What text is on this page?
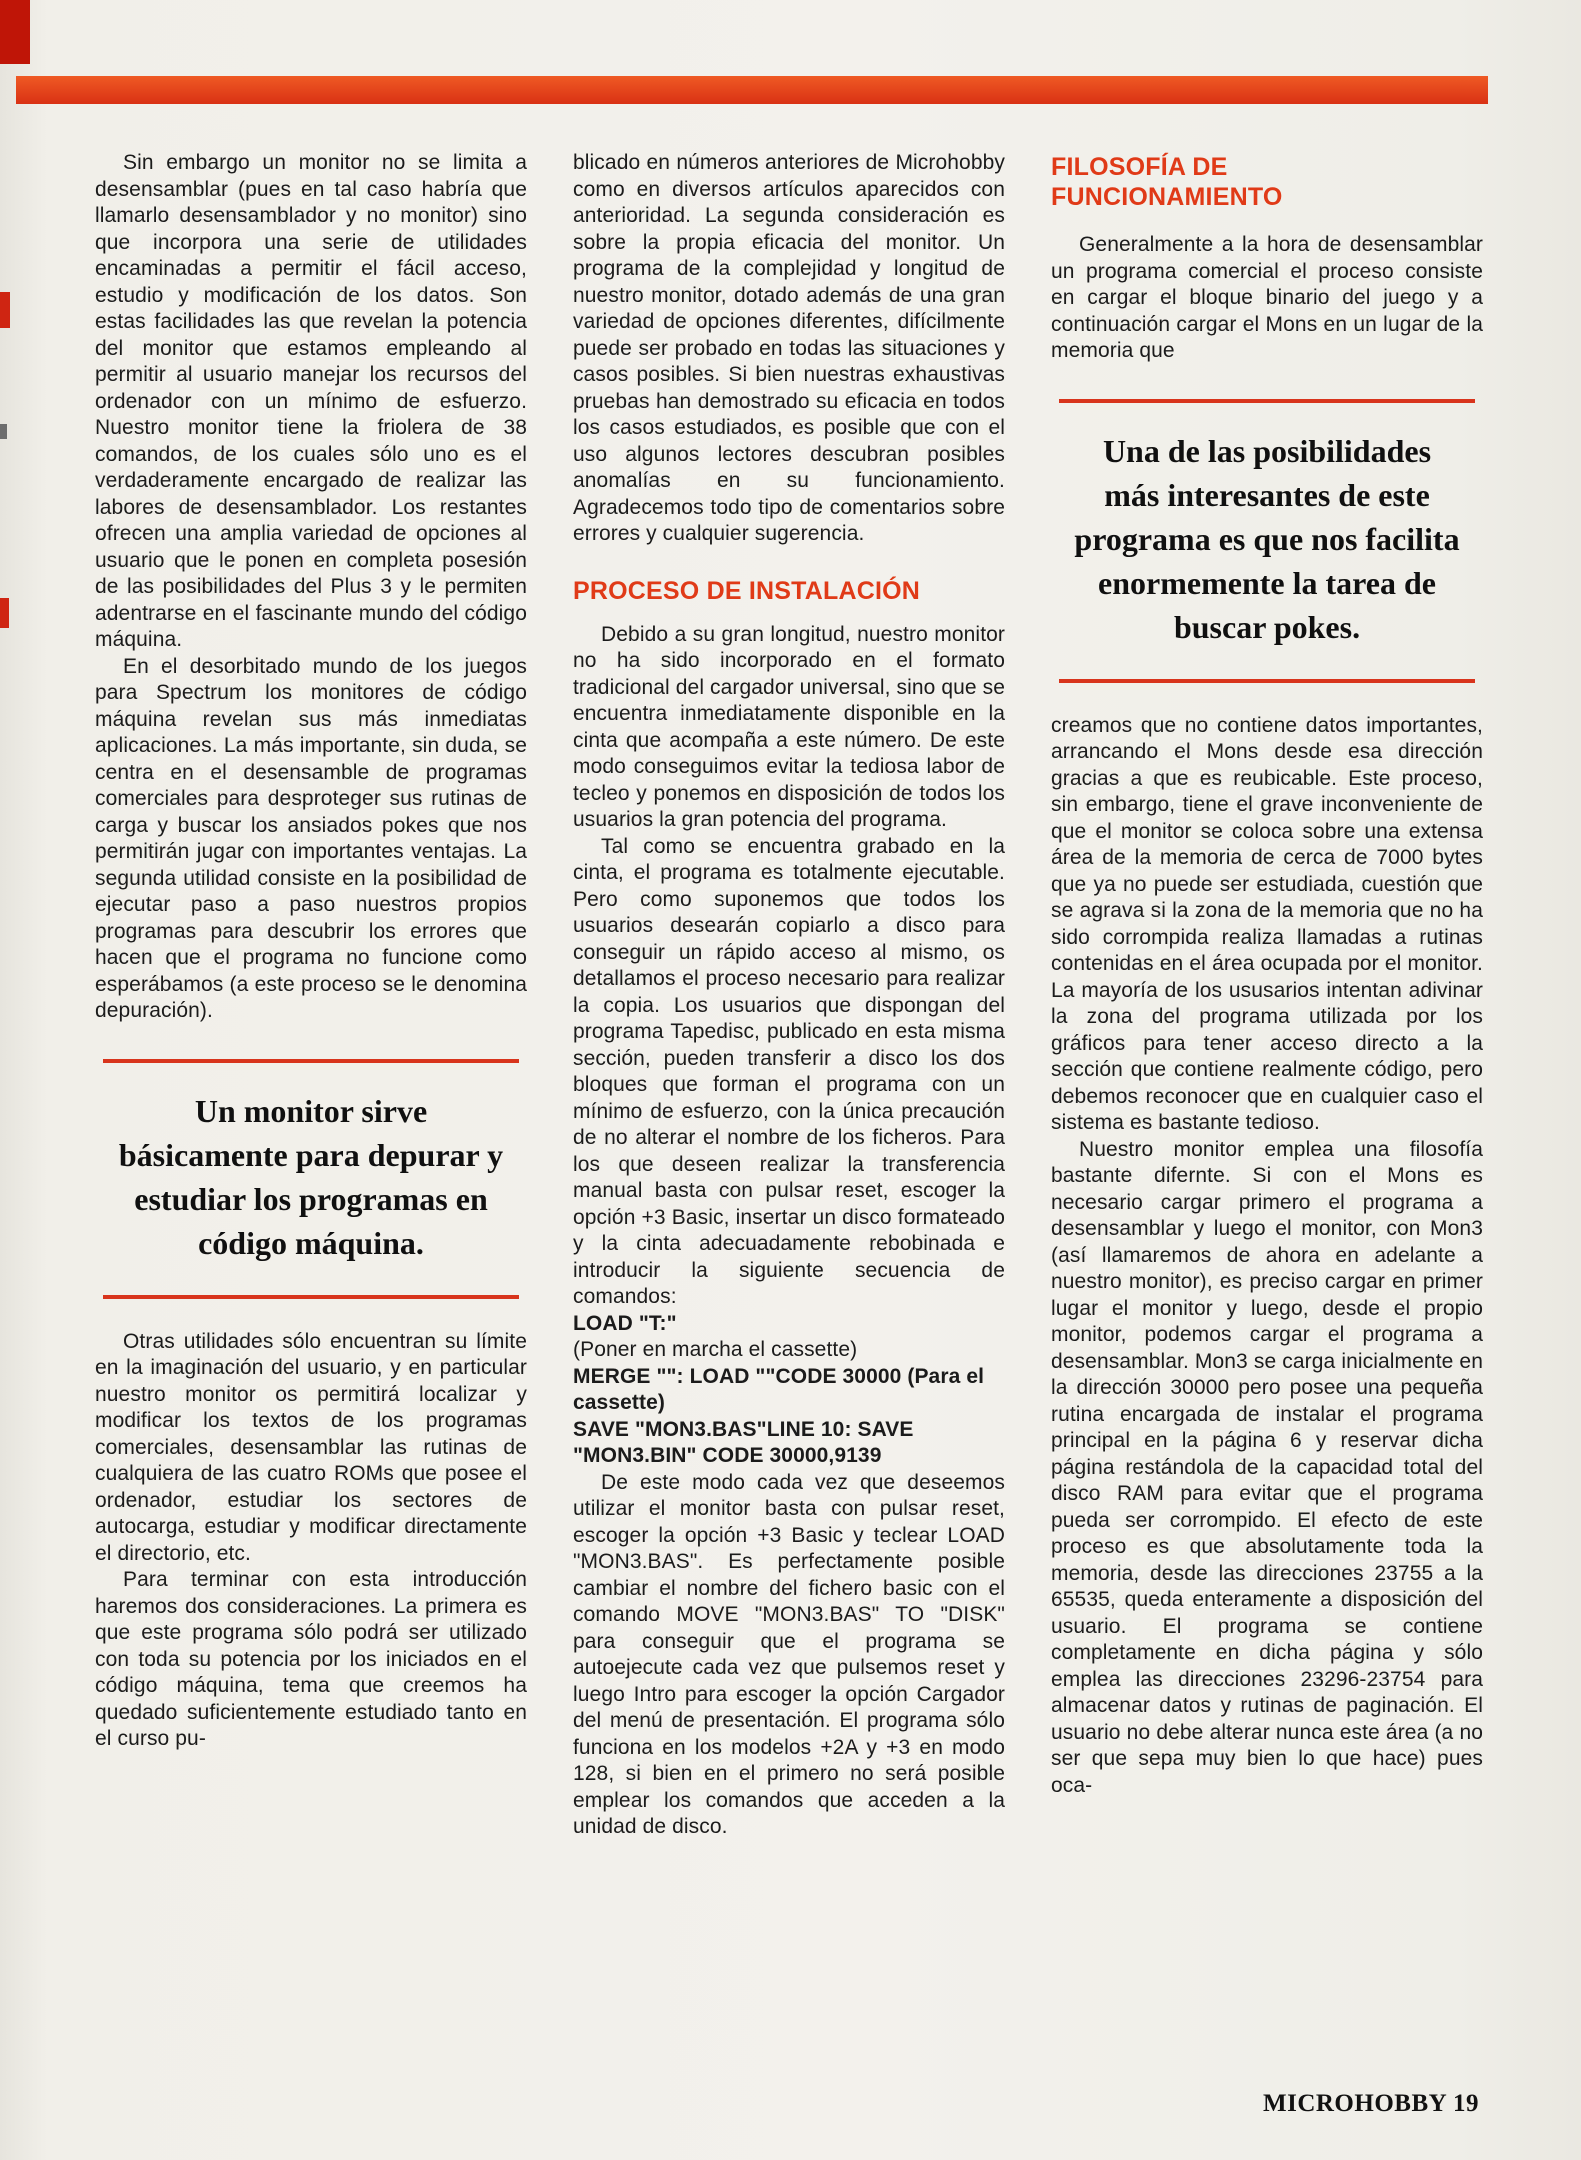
Sin embargo un monitor no se limita a desensamblar (pues en tal caso habría que llamarlo desensamblador y no monitor) sino que incorpora una serie de utilidades encaminadas a permitir el fácil acceso, estudio y modificación de los datos. Son estas facilidades las que revelan la potencia del monitor que estamos empleando al permitir al usuario manejar los recursos del ordenador con un mínimo de esfuerzo. Nuestro monitor tiene la friolera de 38 comandos, de los cuales sólo uno es el verdaderamente encargado de realizar las labores de desensamblador. Los restantes ofrecen una amplia variedad de opciones al usuario que le ponen en completa posesión de las posibilidades del Plus 3 y le permiten adentrarse en el fascinante mundo del código máquina.

En el desorbitado mundo de los juegos para Spectrum los monitores de código máquina revelan sus más inmediatas aplicaciones. La más importante, sin duda, se centra en el desensamble de programas comerciales para desproteger sus rutinas de carga y buscar los ansiados pokes que nos permitirán jugar con importantes ventajas. La segunda utilidad consiste en la posibilidad de ejecutar paso a paso nuestros propios programas para descubrir los errores que hacen que el programa no funcione como esperábamos (a este proceso se le denomina depuración).

Un monitor sirve básicamente para depurar y estudiar los programas en código máquina.

Otras utilidades sólo encuentran su límite en la imaginación del usuario, y en particular nuestro monitor os permitirá localizar y modificar los textos de los programas comerciales, desensamblar las rutinas de cualquiera de las cuatro ROMs que posee el ordenador, estudiar los sectores de autocarga, estudiar y modificar directamente el directorio, etc.

Para terminar con esta introducción haremos dos consideraciones. La primera es que este programa sólo podrá ser utilizado con toda su potencia por los iniciados en el código máquina, tema que creemos ha quedado suficientemente estudiado tanto en el curso pu-

blicado en números anteriores de Microhobby como en diversos artículos aparecidos con anterioridad. La segunda consideración es sobre la propia eficacia del monitor. Un programa de la complejidad y longitud de nuestro monitor, dotado además de una gran variedad de opciones diferentes, difícilmente puede ser probado en todas las situaciones y casos posibles. Si bien nuestras exhaustivas pruebas han demostrado su eficacia en todos los casos estudiados, es posible que con el uso algunos lectores descubran posibles anomalías en su funcionamiento. Agradecemos todo tipo de comentarios sobre errores y cualquier sugerencia.

PROCESO DE INSTALACIÓN

Debido a su gran longitud, nuestro monitor no ha sido incorporado en el formato tradicional del cargador universal, sino que se encuentra inmediatamente disponible en la cinta que acompaña a este número. De este modo conseguimos evitar la tediosa labor de tecleo y ponemos en disposición de todos los usuarios la gran potencia del programa.

Tal como se encuentra grabado en la cinta, el programa es totalmente ejecutable. Pero como suponemos que todos los usuarios desearán copiarlo a disco para conseguir un rápido acceso al mismo, os detallamos el proceso necesario para realizar la copia. Los usuarios que dispongan del programa Tapedisc, publicado en esta misma sección, pueden transferir a disco los dos bloques que forman el programa con un mínimo de esfuerzo, con la única precaución de no alterar el nombre de los ficheros. Para los que deseen realizar la transferencia manual basta con pulsar reset, escoger la opción +3 Basic, insertar un disco formateado y la cinta adecuadamente rebobinada e introducir la siguiente secuencia de comandos:

LOAD "T:"

(Poner en marcha el cassette)

MERGE "": LOAD ""CODE 30000 (Para el cassette)

SAVE "MON3.BAS"LINE 10: SAVE "MON3.BIN" CODE 30000,9139

De este modo cada vez que deseemos utilizar el monitor basta con pulsar reset, escoger la opción +3 Basic y teclear LOAD "MON3.BAS". Es perfectamente posible cambiar el nombre del fichero basic con el comando MOVE "MON3.BAS" TO "DISK" para conseguir que el programa se autoejecute cada vez que pulsemos reset y luego Intro para escoger la opción Cargador del menú de presentación. El programa sólo funciona en los modelos +2A y +3 en modo 128, si bien en el primero no será posible emplear los comandos que acceden a la unidad de disco.

FILOSOFÍA DE FUNCIONAMIENTO

Generalmente a la hora de desensamblar un programa comercial el proceso consiste en cargar el bloque binario del juego y a continuación cargar el Mons en un lugar de la memoria que

Una de las posibilidades más interesantes de este programa es que nos facilita enormemente la tarea de buscar pokes.

creamos que no contiene datos importantes, arrancando el Mons desde esa dirección gracias a que es reubicable. Este proceso, sin embargo, tiene el grave inconveniente de que el monitor se coloca sobre una extensa área de la memoria de cerca de 7000 bytes que ya no puede ser estudiada, cuestión que se agrava si la zona de la memoria que no ha sido corrompida realiza llamadas a rutinas contenidas en el área ocupada por el monitor. La mayoría de los ususarios intentan adivinar la zona del programa utilizada por los gráficos para tener acceso directo a la sección que contiene realmente código, pero debemos reconocer que en cualquier caso el sistema es bastante tedioso.

Nuestro monitor emplea una filosofía bastante difernte. Si con el Mons es necesario cargar primero el programa a desensamblar y luego el monitor, con Mon3 (así llamaremos de ahora en adelante a nuestro monitor), es preciso cargar en primer lugar el monitor y luego, desde el propio monitor, podemos cargar el programa a desensamblar. Mon3 se carga inicialmente en la dirección 30000 pero posee una pequeña rutina encargada de instalar el programa principal en la página 6 y reservar dicha página restándola de la capacidad total del disco RAM para evitar que el programa pueda ser corrompido. El efecto de este proceso es que absolutamente toda la memoria, desde las direcciones 23755 a la 65535, queda enteramente a disposición del usuario. El programa se contiene completamente en dicha página y sólo emplea las direcciones 23296-23754 para almacenar datos y rutinas de paginación. El usuario no debe alterar nunca este área (a no ser que sepa muy bien lo que hace) pues oca-

MICROHOBBY 19
